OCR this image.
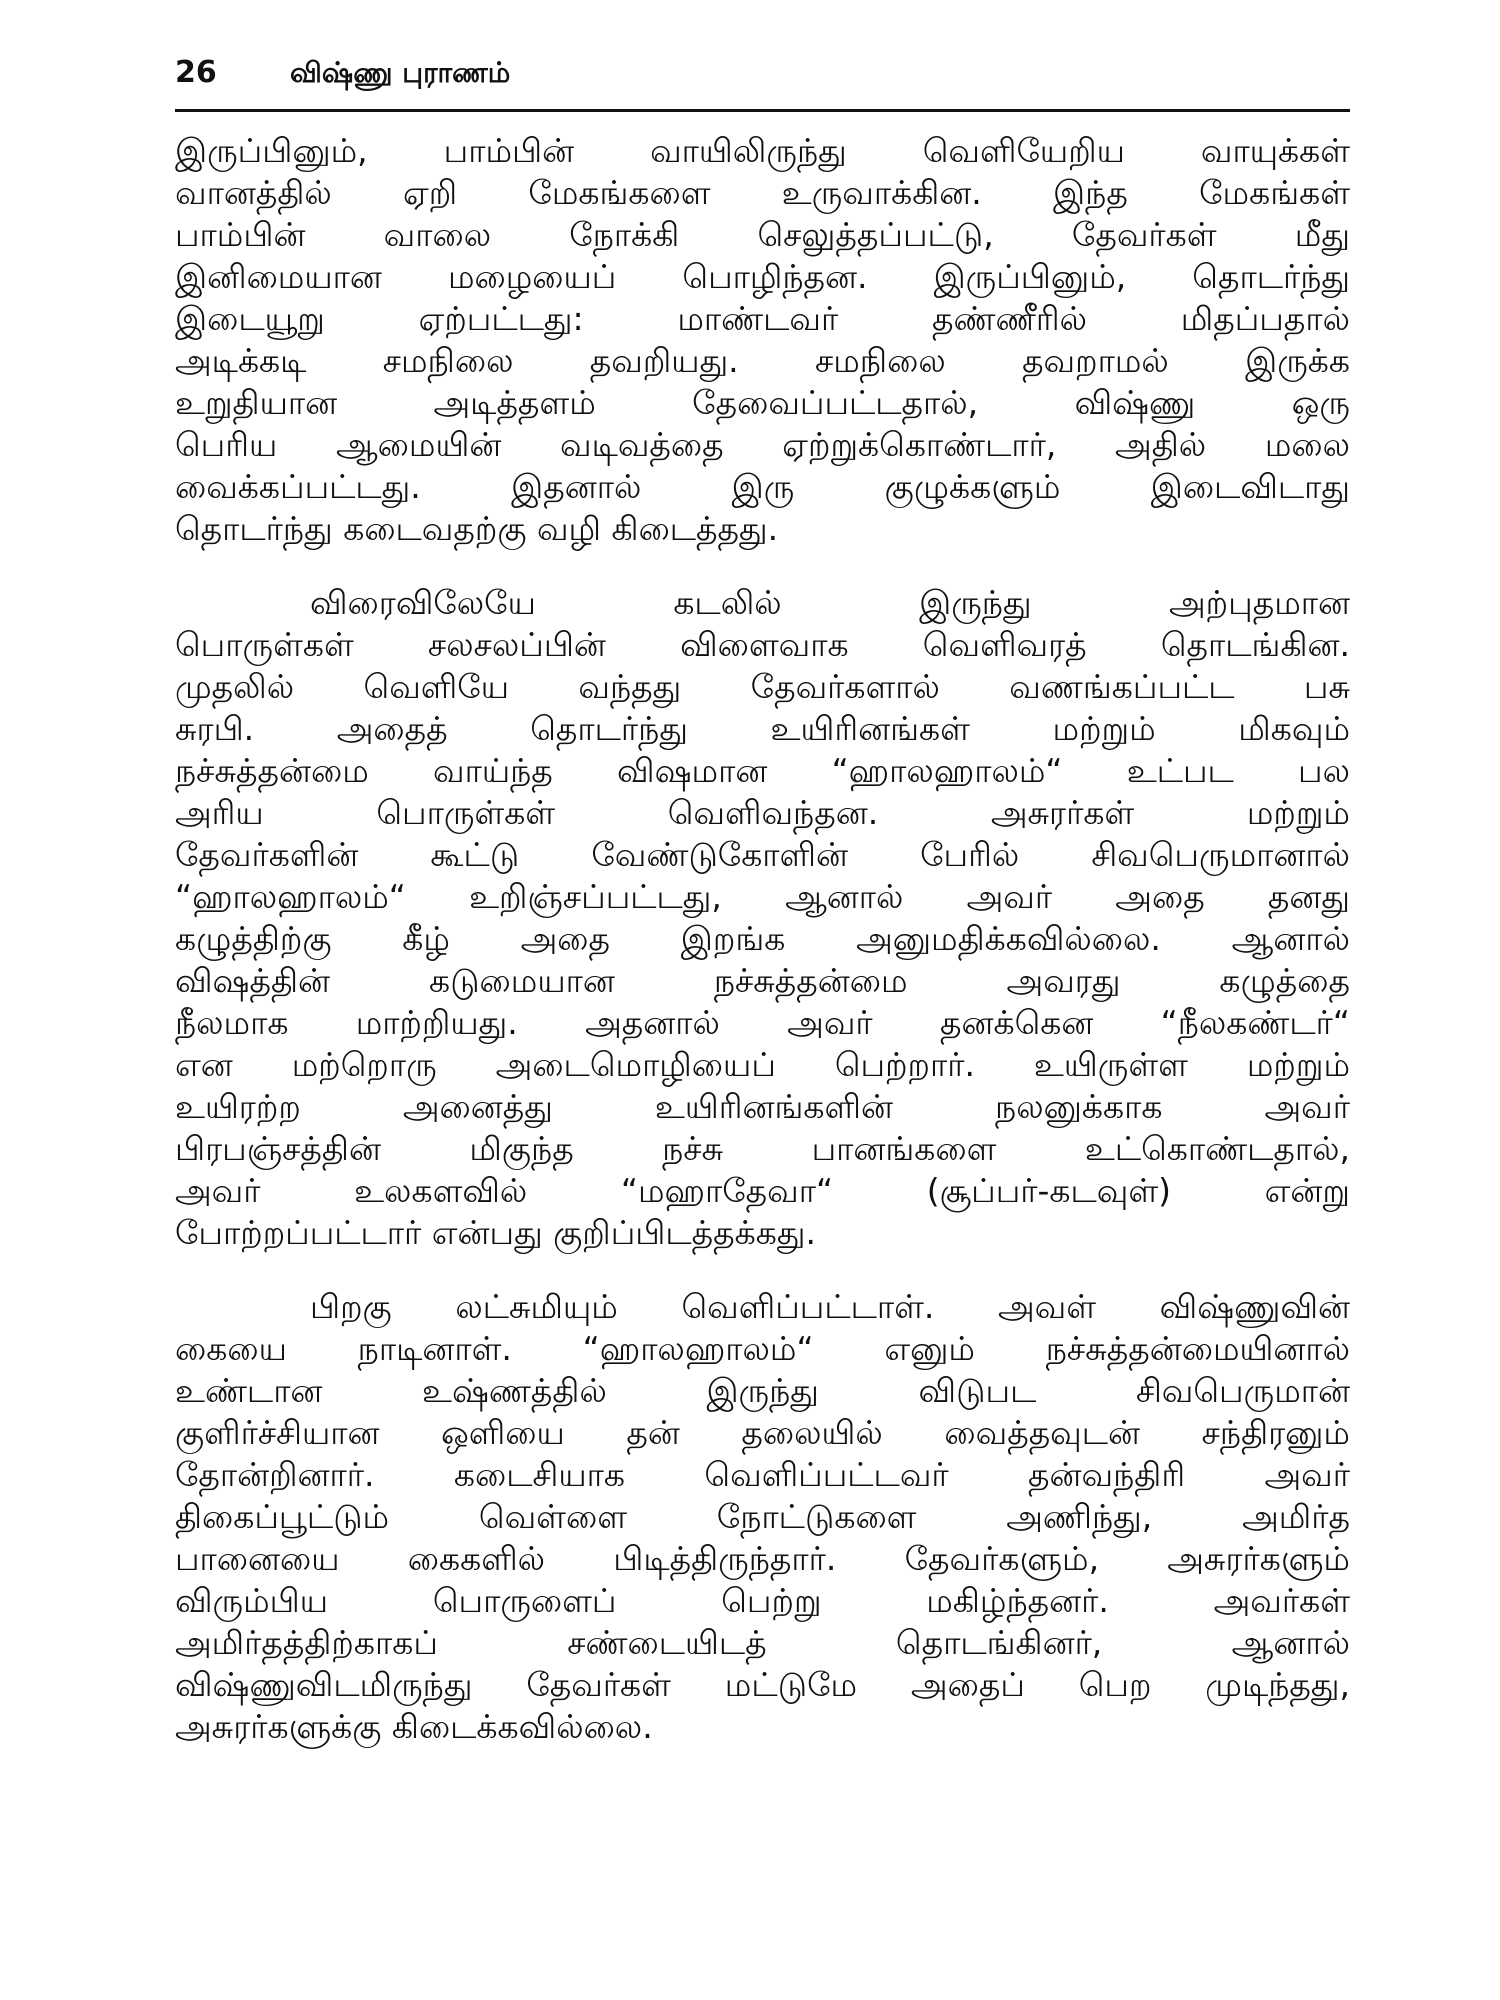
26	விஷ்ணு புராணம்
இருப்பினும், பாம்பின் வாயிலிருந்து வெளியேறிய வாயுக்கள்
வானத்தில் ஏறி மேகங்களை உருவாக்கின. இந்த மேகங்கள்
பாம்பின் வாலை நோக்கி செலுத்தப்பட்டு, தேவர்கள் மீது
இனிமையான மழையைப் பொழிந்தன. இருப்பினும், தொடர்ந்து
இடையூறு ஏற்பட்டது: மாண்டவர் தண்ணீரில் மிதப்பதால்
அடிக்கடி சமநிலை தவறியது. சமநிலை தவறாமல் இருக்க
உறுதியான அடித்தளம் தேவைப்பட்டதால், விஷ்ணு ஒரு
பெரிய ஆமையின் வடிவத்தை ஏற்றுக்கொண்டார், அதில் மலை
வைக்கப்பட்டது. இதனால் இரு குழுக்களும் இடைவிடாது
தொடர்ந்து கடைவதற்கு வழி கிடைத்தது.
விரைவிலேயே கடலில் இருந்து அற்புதமான
பொருள்கள் சலசலப்பின் விளைவாக வெளிவரத் தொடங்கின.
முதலில் வெளியே வந்தது தேவர்களால் வணங்கப்பட்ட பசு
சுரபி. அதைத் தொடர்ந்து உயிரினங்கள் மற்றும் மிகவும்
நச்சுத்தன்மை வாய்ந்த விஷமான “ஹாலஹாலம்“ உட்பட பல
அரிய பொருள்கள் வெளிவந்தன. அசுரர்கள் மற்றும்
தேவர்களின் கூட்டு வேண்டுகோளின் பேரில் சிவபெருமானால்
“ஹாலஹாலம்“ உறிஞ்சப்பட்டது, ஆனால் அவர் அதை தனது
கழுத்திற்கு கீழ் அதை இறங்க அனுமதிக்கவில்லை. ஆனால்
விஷத்தின் கடுமையான நச்சுத்தன்மை அவரது கழுத்தை
நீலமாக மாற்றியது. அதனால் அவர் தனக்கென “நீலகண்டர்“
என மற்றொரு அடைமொழியைப் பெற்றார். உயிருள்ள மற்றும்
உயிரற்ற அனைத்து உயிரினங்களின் நலனுக்காக அவர்
பிரபஞ்சத்தின் மிகுந்த நச்சு பானங்களை உட்கொண்டதால்,
அவர் உலகளவில் “மஹாதேவா“ (சூப்பர்-கடவுள்) என்று
போற்றப்பட்டார் என்பது குறிப்பிடத்தக்கது.
பிறகு லட்சுமியும் வெளிப்பட்டாள். அவள் விஷ்ணுவின்
கையை நாடினாள். “ஹாலஹாலம்“ எனும் நச்சுத்தன்மையினால்
உண்டான உஷ்ணத்தில் இருந்து விடுபட சிவபெருமான்
குளிர்ச்சியான ஒளியை தன் தலையில் வைத்தவுடன் சந்திரனும்
தோன்றினார். கடைசியாக வெளிப்பட்டவர் தன்வந்திரி அவர்
திகைப்பூட்டும் வெள்ளை நோட்டுகளை அணிந்து, அமிர்த
பானையை கைகளில் பிடித்திருந்தார். தேவர்களும், அசுரர்களும்
விரும்பிய பொருளைப் பெற்று மகிழ்ந்தனர். அவர்கள்
அமிர்தத்திற்காகப் சண்டையிடத் தொடங்கினர், ஆனால்
விஷ்ணுவிடமிருந்து தேவர்கள் மட்டுமே அதைப் பெற முடிந்தது,
அசுரர்களுக்கு கிடைக்கவில்லை.
